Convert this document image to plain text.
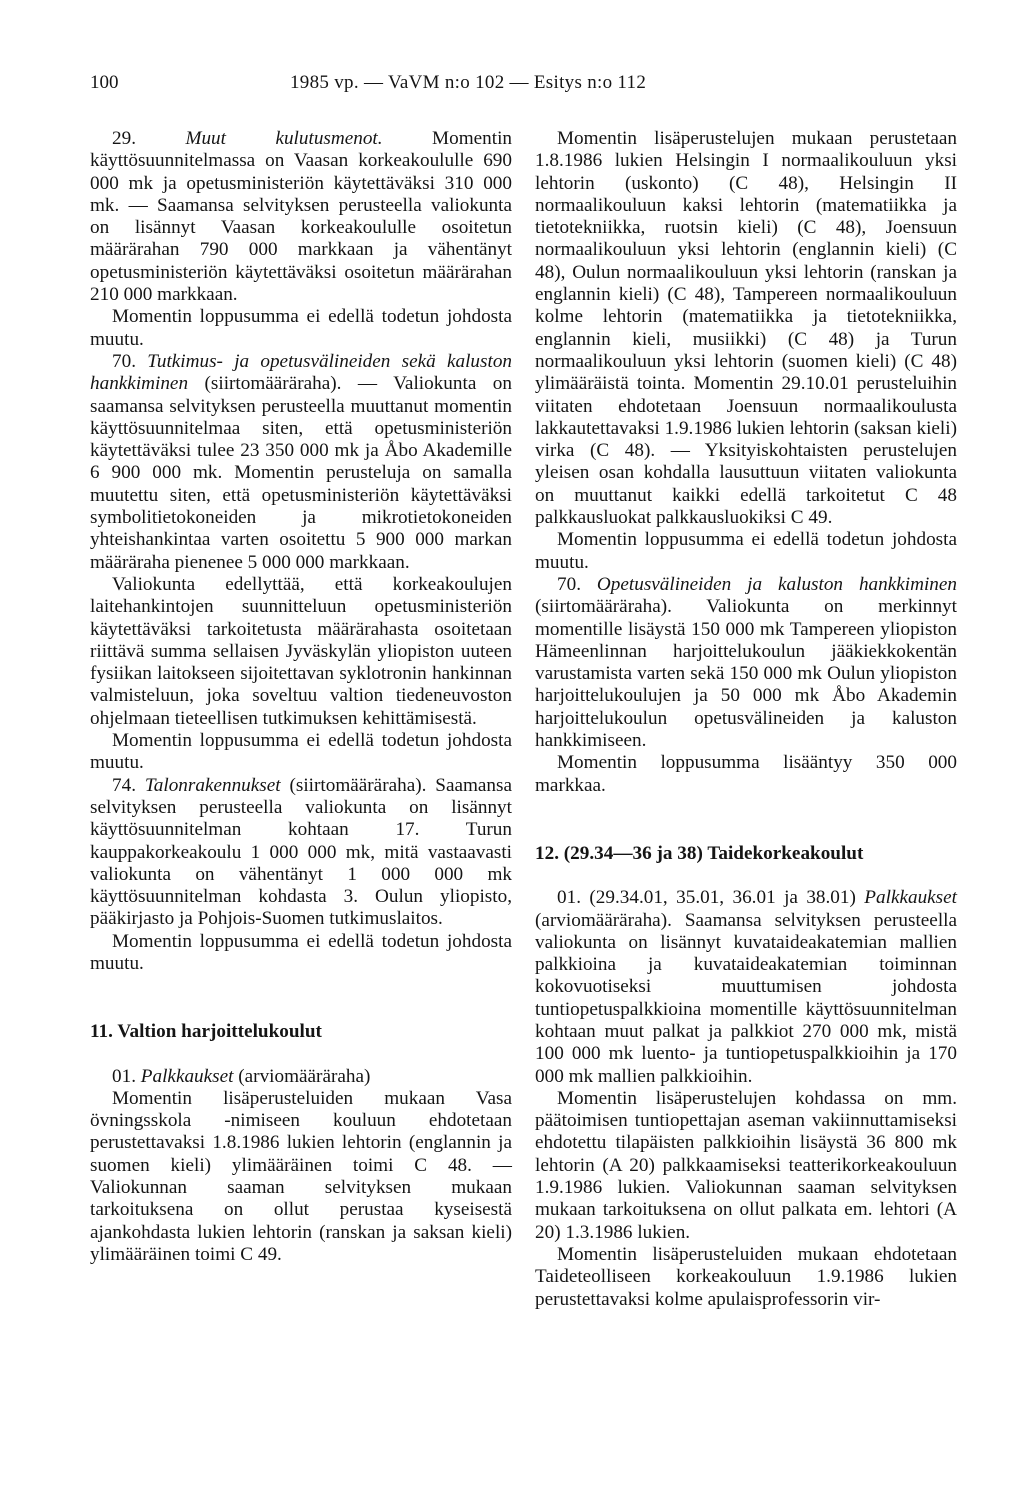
100	1985 vp. — VaVM n:o 102 — Esitys n:o 112

29. Muut kulutusmenot. Momentin käyttösuunnitelmassa on Vaasan korkeakoululle 690 000 mk ja opetusministeriön käytettäväksi 310 000 mk. — Saamansa selvityksen perusteella valiokunta on lisännyt Vaasan korkeakoululle osoitetun määrärahan 790 000 markkaan ja vähentänyt opetusministeriön käytettäväksi osoitetun määrärahan 210 000 markkaan.

Momentin loppusumma ei edellä todetun johdosta muutu.

70. Tutkimus- ja opetusvälineiden sekä kaluston hankkiminen (siirtomääräraha). — Valiokunta on saamansa selvityksen perusteella muuttanut momentin käyttösuunnitelmaa siten, että opetusministeriön käytettäväksi tulee 23 350 000 mk ja Åbo Akademille 6 900 000 mk. Momentin perusteluja on samalla muutettu siten, että opetusministeriön käytettäväksi symbolitietokoneiden ja mikrotietokoneiden yhteishankintaa varten osoitettu 5 900 000 markan määräraha pienenee 5 000 000 markkaan.

Valiokunta edellyttää, että korkeakoulujen laitehankintojen suunnitteluun opetusministeriön käytettäväksi tarkoitetusta määrärahasta osoitetaan riittävä summa sellaisen Jyväskylän yliopiston uuteen fysiikan laitokseen sijoitettavan syklotronin hankinnan valmisteluun, joka soveltuu valtion tiedeneuvoston ohjelmaan tieteellisen tutkimuksen kehittämisestä.

Momentin loppusumma ei edellä todetun johdosta muutu.

74. Talonrakennukset (siirtomääräraha). Saamansa selvityksen perusteella valiokunta on lisännyt käyttösuunnitelman kohtaan 17. Turun kauppakorkeakoulu 1 000 000 mk, mitä vastaavasti valiokunta on vähentänyt 1 000 000 mk käyttösuunnitelman kohdasta 3. Oulun yliopisto, pääkirjasto ja Pohjois-Suomen tutkimuslaitos.

Momentin loppusumma ei edellä todetun johdosta muutu.

11. Valtion harjoittelukoulut

01. Palkkaukset (arviomääräraha)

Momentin lisäperusteluiden mukaan Vasa övningsskola -nimiseen kouluun ehdotetaan perustettavaksi 1.8.1986 lukien lehtorin (englannin ja suomen kieli) ylimääräinen toimi C 48. — Valiokunnan saaman selvityksen mukaan tarkoituksena on ollut perustaa kyseisestä ajankohdasta lukien lehtorin (ranskan ja saksan kieli) ylimääräinen toimi C 49.

Momentin lisäperustelujen mukaan perustetaan 1.8.1986 lukien Helsingin I normaalikouluun yksi lehtorin (uskonto) (C 48), Helsingin II normaalikouluun kaksi lehtorin (matematiikka ja tietotekniikka, ruotsin kieli) (C 48), Joensuun normaalikouluun yksi lehtorin (englannin kieli) (C 48), Oulun normaalikouluun yksi lehtorin (ranskan ja englannin kieli) (C 48), Tampereen normaalikouluun kolme lehtorin (matematiikka ja tietotekniikka, englannin kieli, musiikki) (C 48) ja Turun normaalikouluun yksi lehtorin (suomen kieli) (C 48) ylimääräistä tointa. Momentin 29.10.01 perusteluihin viitaten ehdotetaan Joensuun normaalikoulusta lakkautettavaksi 1.9.1986 lukien lehtorin (saksan kieli) virka (C 48). — Yksityiskohtaisten perustelujen yleisen osan kohdalla lausuttuun viitaten valiokunta on muuttanut kaikki edellä tarkoitetut C 48 palkkausluokat palkkausluokiksi C 49.

Momentin loppusumma ei edellä todetun johdosta muutu.

70. Opetusvälineiden ja kaluston hankkiminen (siirtomääräraha). Valiokunta on merkinnyt momentille lisäystä 150 000 mk Tampereen yliopiston Hämeenlinnan harjoittelukoulun jääkiekkokentän varustamista varten sekä 150 000 mk Oulun yliopiston harjoittelukoulujen ja 50 000 mk Åbo Akademin harjoittelukoulun opetusvälineiden ja kaluston hankkimiseen.

Momentin loppusumma lisääntyy 350 000 markkaa.

12. (29.34—36 ja 38) Taidekorkeakoulut

01. (29.34.01, 35.01, 36.01 ja 38.01) Palkkaukset (arviomääräraha). Saamansa selvityksen perusteella valiokunta on lisännyt kuvataideakatemian mallien palkkioina ja kuvataideakatemian toiminnan kokovuotiseksi muuttumisen johdosta tuntiopetuspalkkioina momentille käyttösuunnitelman kohtaan muut palkat ja palkkiot 270 000 mk, mistä 100 000 mk luento- ja tuntiopetuspalkkioihin ja 170 000 mk mallien palkkioihin.

Momentin lisäperustelujen kohdassa on mm. päätoimisen tuntiopettajan aseman vakiinnuttamiseksi ehdotettu tilapäisten palkkioihin lisäystä 36 800 mk lehtorin (A 20) palkkaamiseksi teatterikorkeakouluun 1.9.1986 lukien. Valiokunnan saaman selvityksen mukaan tarkoituksena on ollut palkata em. lehtori (A 20) 1.3.1986 lukien.

Momentin lisäperusteluiden mukaan ehdotetaan Taideteolliseen korkeakouluun 1.9.1986 lukien perustettavaksi kolme apulaisprofessorin vir-
